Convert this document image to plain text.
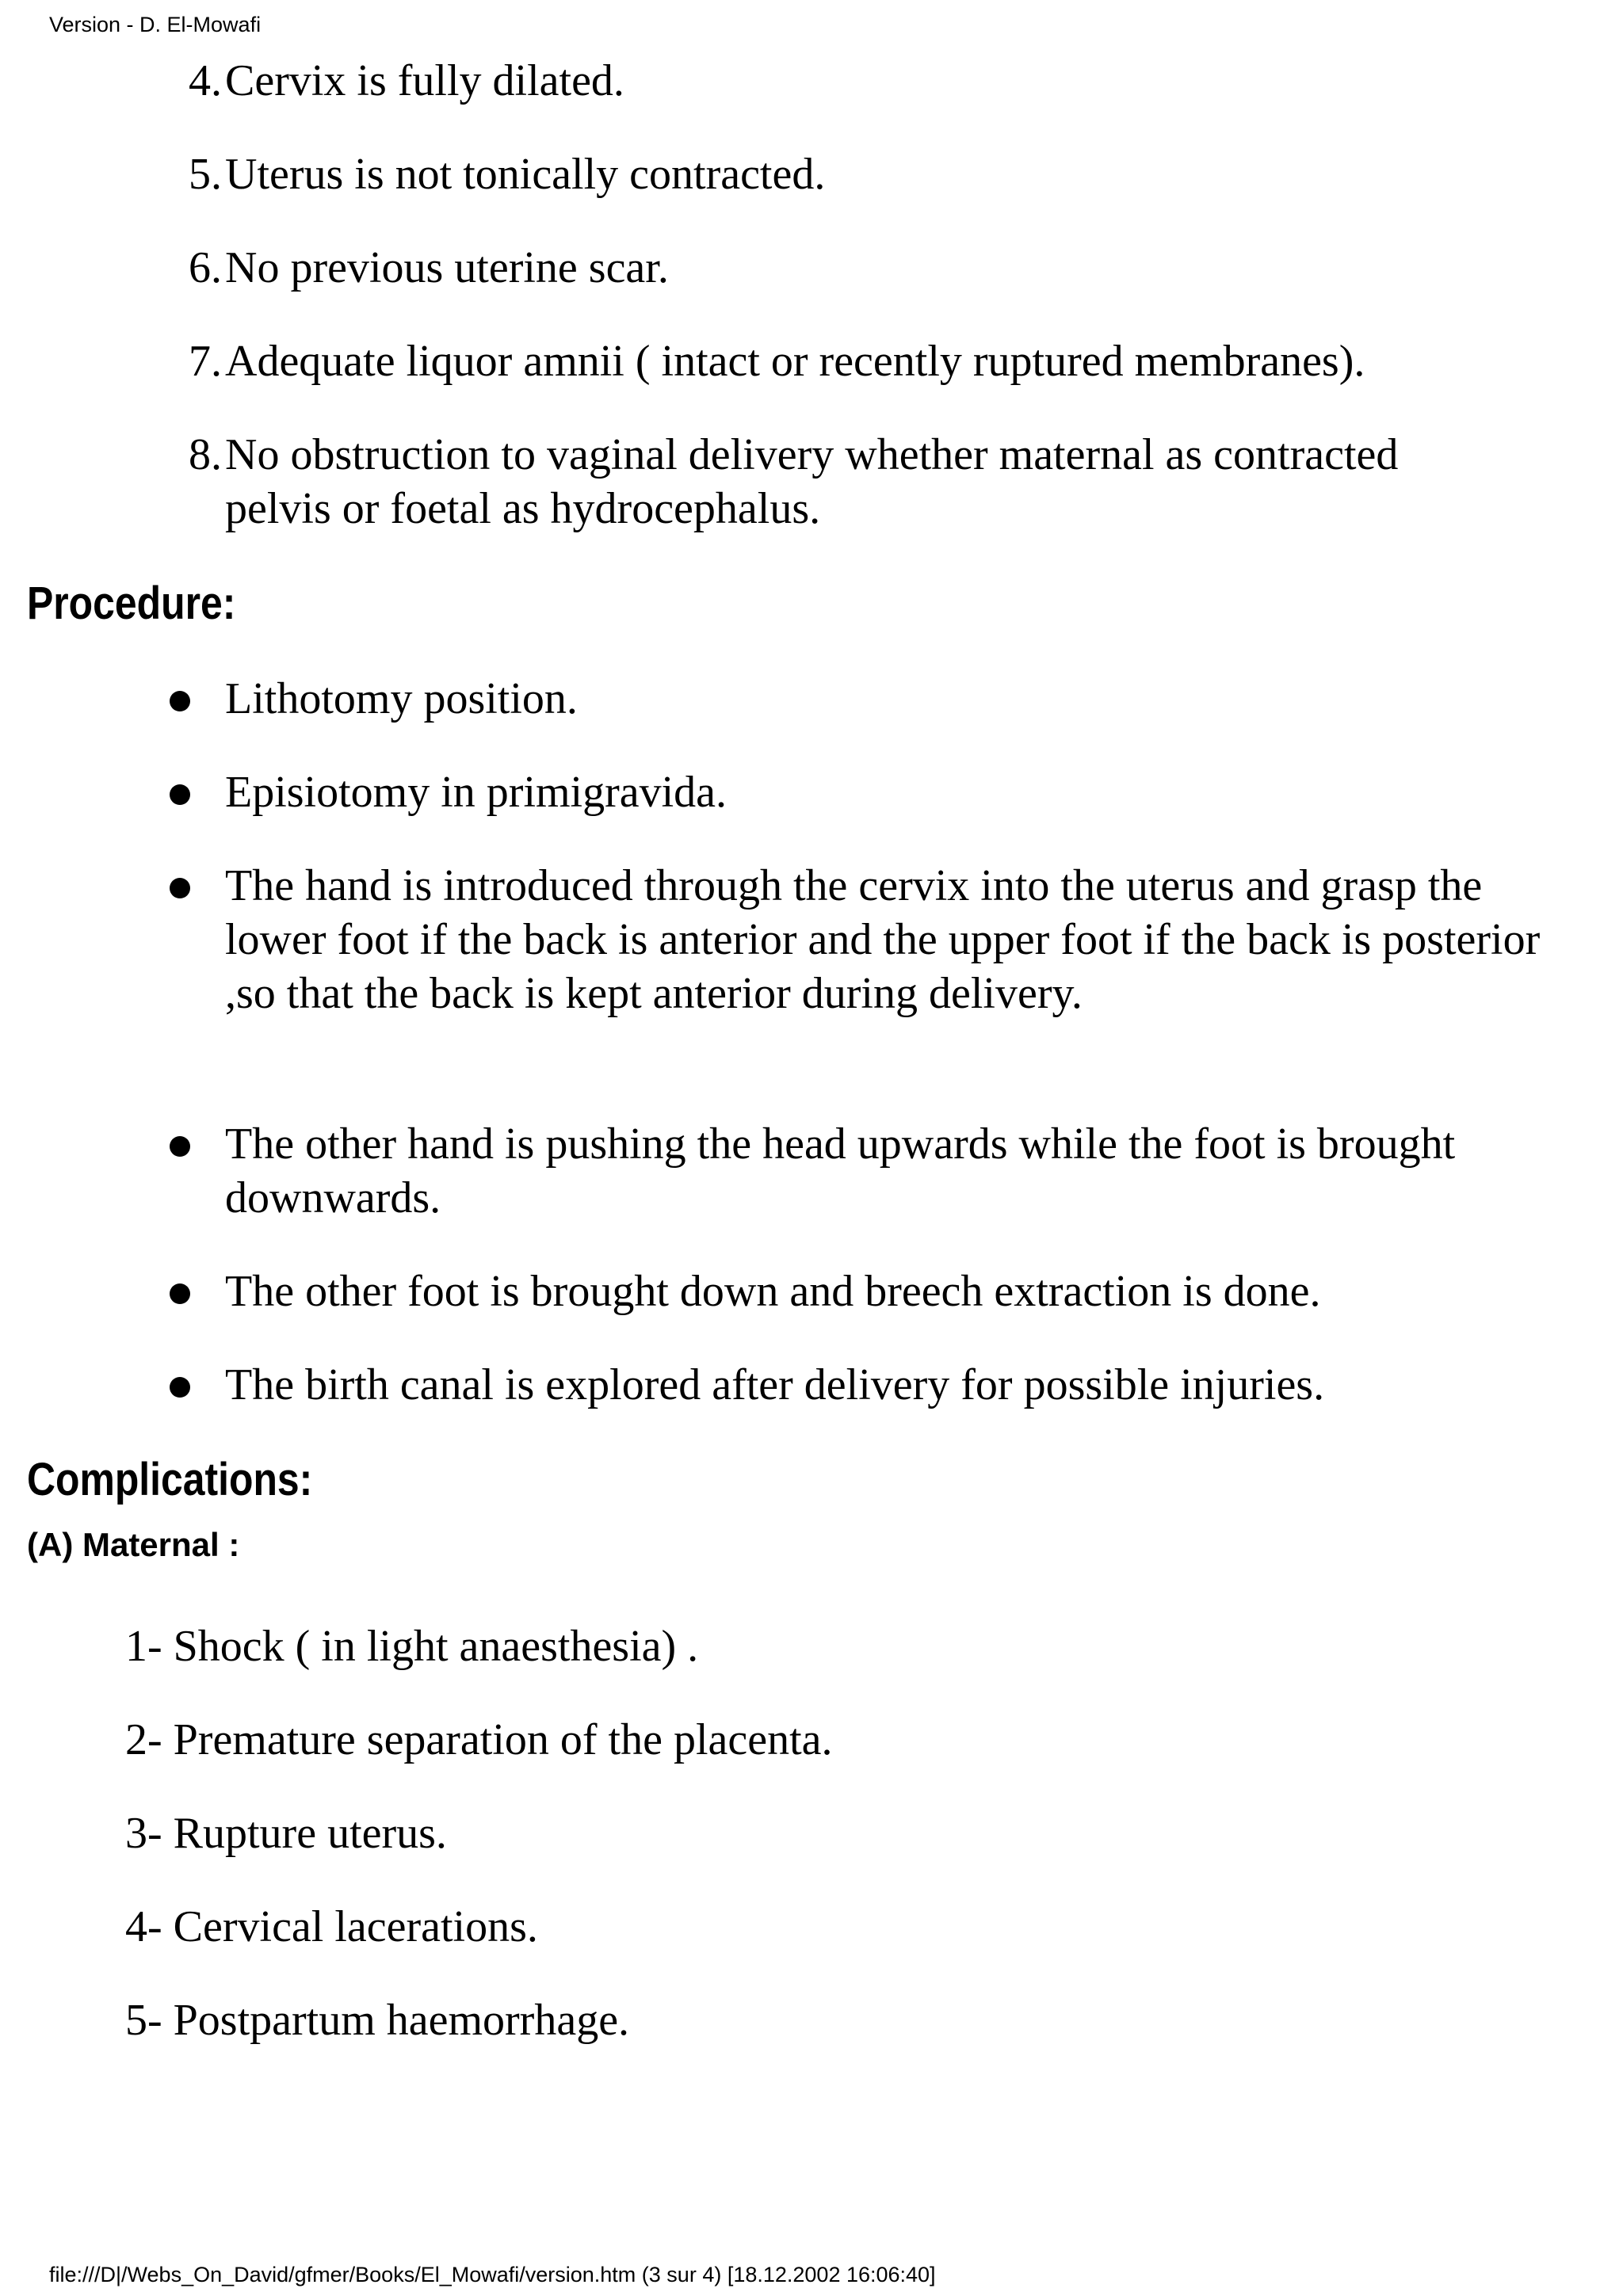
Version - D. El-Mowafi
4. Cervix is fully dilated.
5. Uterus is not tonically contracted.
6. No previous uterine scar.
7. Adequate liquor amnii ( intact or recently ruptured membranes).
8. No obstruction to vaginal delivery whether maternal as contracted pelvis or foetal as hydrocephalus.
Procedure:
Lithotomy position.
Episiotomy in primigravida.
The hand is introduced through the cervix into the uterus and grasp the lower foot if the back is anterior and the upper foot if the back is posterior ,so that the back is kept anterior during delivery.
The other hand is pushing the head upwards while the foot is brought downwards.
The other foot is brought down and breech extraction is done.
The birth canal is explored after delivery for possible injuries.
Complications:
(A) Maternal :
1- Shock ( in light anaesthesia) .
2- Premature separation of the placenta.
3- Rupture uterus.
4- Cervical lacerations.
5- Postpartum haemorrhage.
file:///D|/Webs_On_David/gfmer/Books/El_Mowafi/version.htm (3 sur 4) [18.12.2002 16:06:40]
